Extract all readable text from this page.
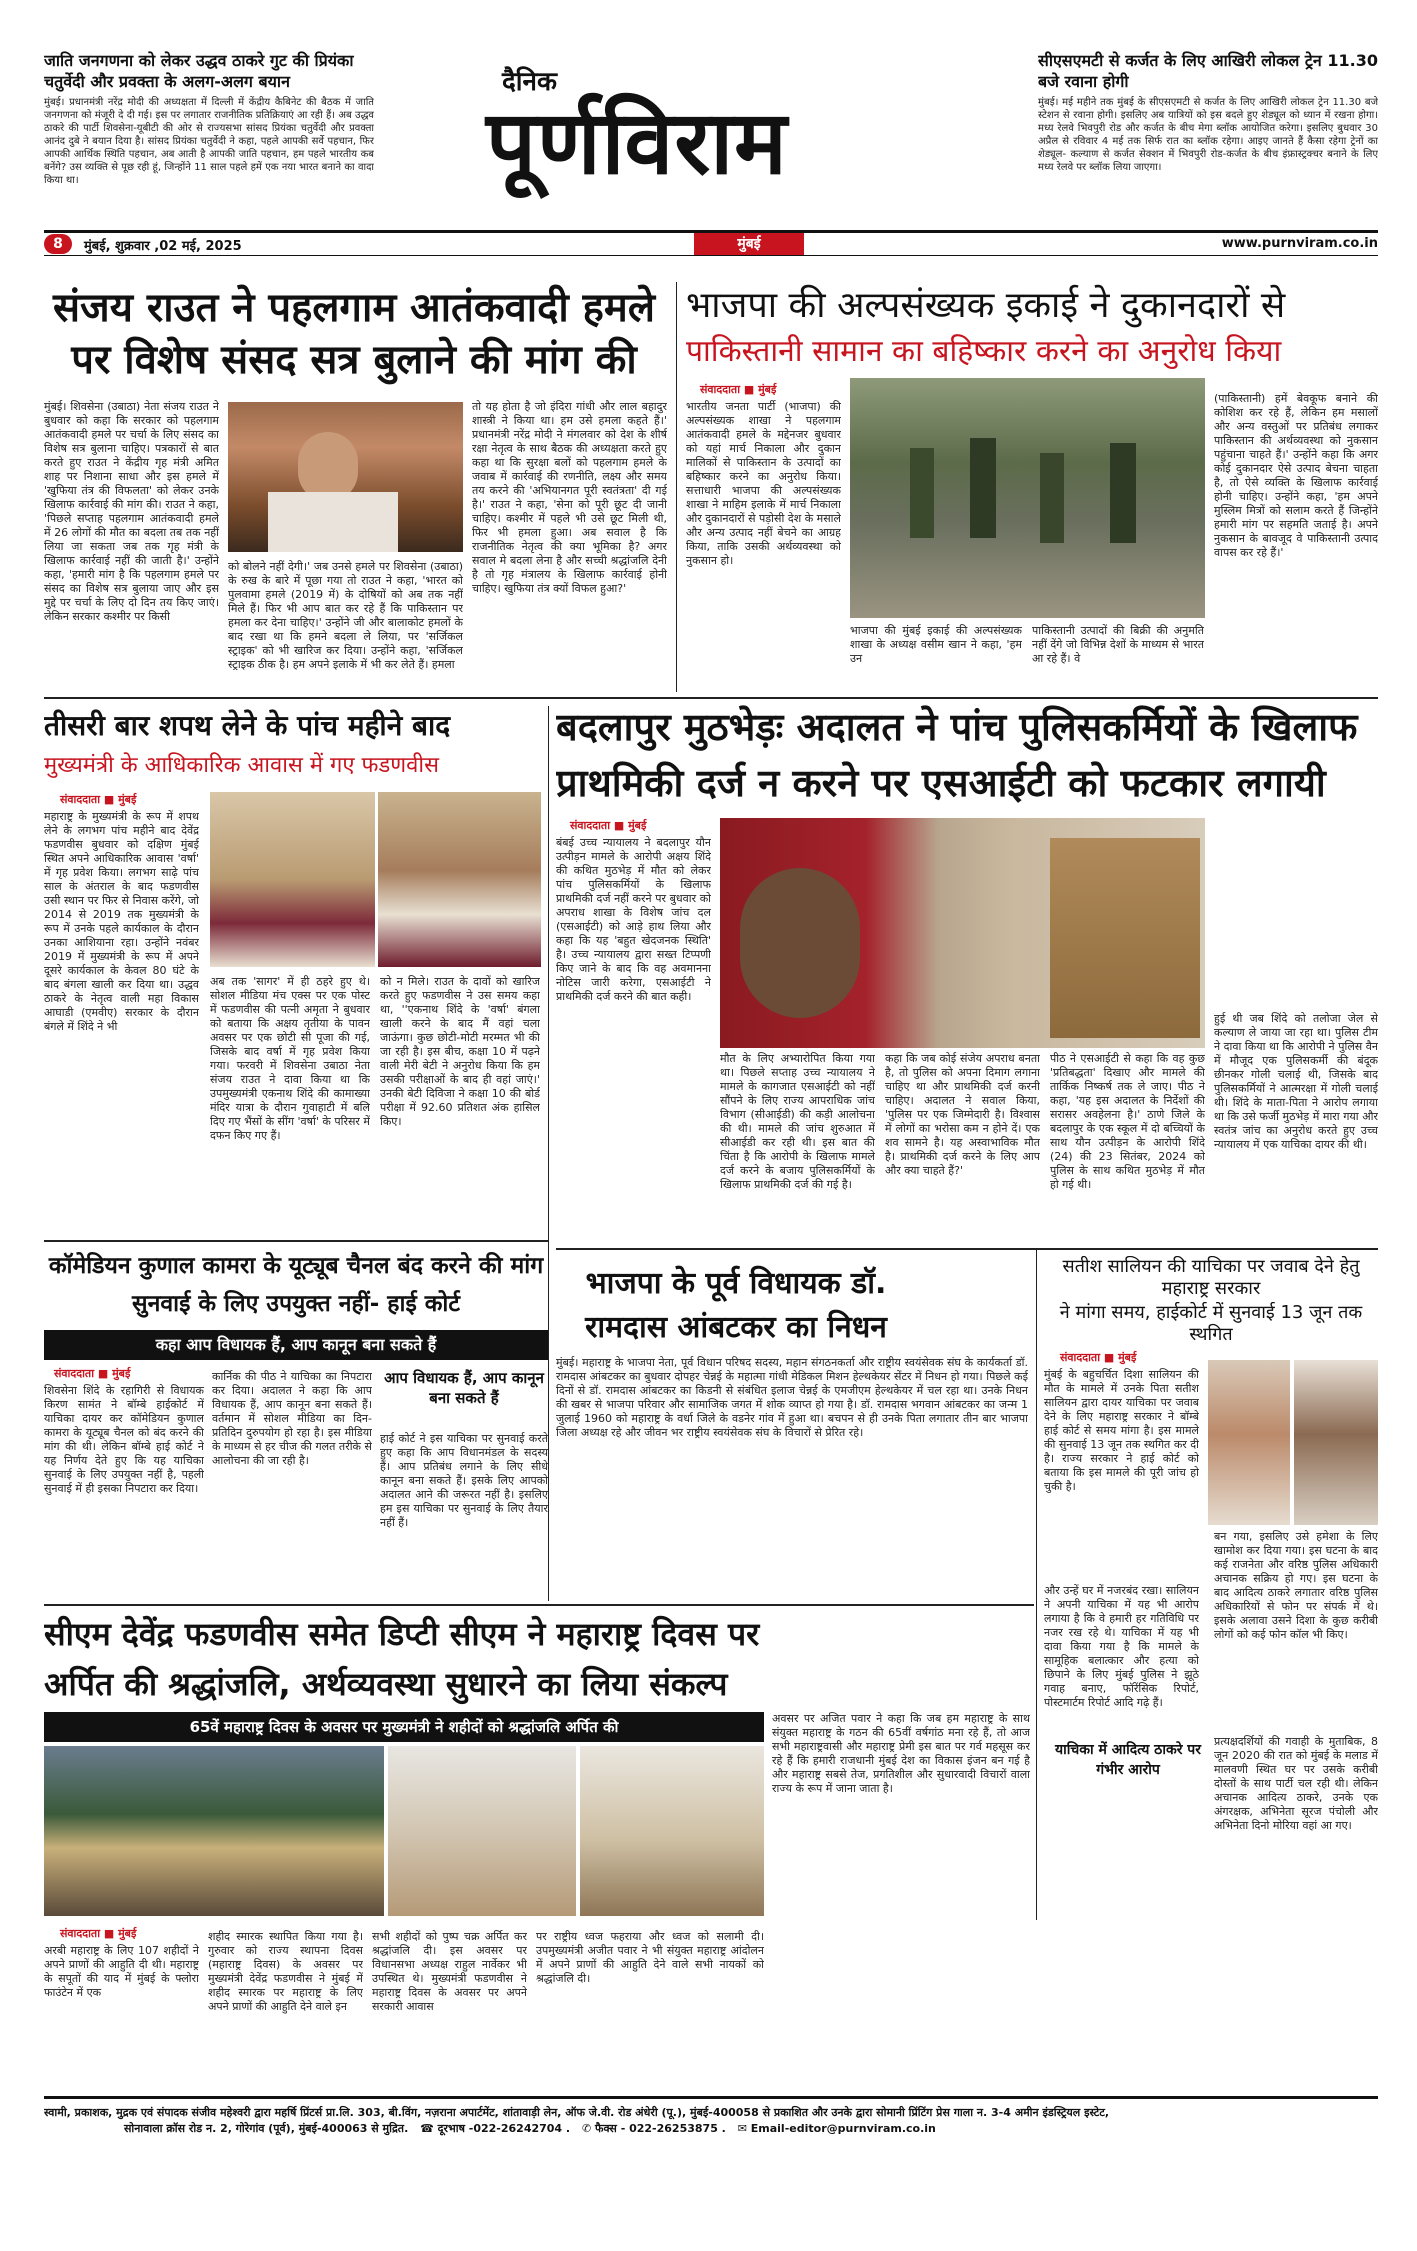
जाति जनगणना को लेकर उद्धव ठाकरे गुट की प्रियंका चतुर्वेदी और प्रवक्ता के अलग-अलग बयान
मुंबई। प्रधानमंत्री नरेंद्र मोदी की अध्यक्षता में दिल्ली में केंद्रीय कैबिनेट की बैठक में जाति जनगणना को मंजूरी दे दी गई। इस पर लगातार राजनीतिक प्रतिक्रियाएं आ रही हैं। अब उद्धव ठाकरे की पार्टी शिवसेना-यूबीटी की ओर से राज्यसभा सांसद प्रियंका चतुर्वेदी और प्रवक्ता आनंद दुबे ने बयान दिया है। सांसद प्रियंका चतुर्वेदी ने कहा, पहले आपकी सर्वे पहचान, फिर आपकी आर्थिक स्थिति पहचान, अब आती है आपकी जाति पहचान, हम पहले भारतीय कब बनेंगे? उस व्यक्ति से पूछ रही हूं, जिन्होंने 11 साल पहले हमें एक नया भारत बनाने का वादा किया था।
दैनिक
पूर्णविराम
सीएसएमटी से कर्जत के लिए आखिरी लोकल ट्रेन 11.30 बजे रवाना होगी
मुंबई। मई महीने तक मुंबई के सीएसएमटी से कर्जत के लिए आखिरी लोकल ट्रेन 11.30 बजे स्टेशन से रवाना होगी। इसलिए अब यात्रियों को इस बदले हुए शेड्यूल को ध्यान में रखना होगा। मध्य रेलवे भिवपुरी रोड और कर्जत के बीच मेगा ब्लॉक आयोजित करेगा। इसलिए बुधवार 30 अप्रैल से रविवार 4 मई तक सिर्फ रात का ब्लॉक रहेगा। आइए जानते हैं कैसा रहेगा ट्रेनों का शेड्यूल- कल्याण से कर्जत सेक्शन में भिवपुरी रोड-कर्जत के बीच इंफ्रास्ट्रक्चर बनाने के लिए मध्य रेलवे पर ब्लॉक लिया जाएगा।
8	मुंबई, शुक्रवार ,02 मई, 2025	मुंबई	www.purnviram.co.in
संजय राउत ने पहलगाम आतंकवादी हमले पर विशेष संसद सत्र बुलाने की मांग की
मुंबई। शिवसेना (उबाठा) नेता संजय राउत ने बुधवार को कहा कि सरकार को पहलगाम आतंकवादी हमले पर चर्चा के लिए संसद का विशेष सत्र बुलाना चाहिए। पत्रकारों से बात करते हुए राउत ने केंद्रीय गृह मंत्री अमित शाह पर निशाना साधा और इस हमले में 'खुफिया तंत्र की विफलता' को लेकर उनके खिलाफ कार्रवाई की मांग की। राउत ने कहा, 'पिछले सप्ताह पहलगाम आतंकवादी हमले में 26 लोगों की मौत का बदला तब तक नहीं लिया जा सकता जब तक गृह मंत्री के खिलाफ कार्रवाई नहीं की जाती है।' उन्होंने कहा, 'हमारी मांग है कि पहलगाम हमले पर संसद का विशेष सत्र बुलाया जाए और इस मुद्दे पर चर्चा के लिए दो दिन तय किए जाएं। लेकिन सरकार कश्मीर पर किसी
को बोलने नहीं देगी।' जब उनसे हमले पर शिवसेना (उबाठा) के रुख के बारे में पूछा गया तो राउत ने कहा, 'भारत को पुलवामा हमले (2019 में) के दोषियों को अब तक नहीं मिले हैं। फिर भी आप बात कर रहे हैं कि पाकिस्तान पर हमला कर देना चाहिए।' उन्होंने जी और बालाकोट हमलों के बाद रखा था कि हमने बदला ले लिया, पर 'सर्जिकल स्ट्राइक' को भी खारिज कर दिया। उन्होंने कहा, 'सर्जिकल स्ट्राइक ठीक है। हम अपने इलाके में भी कर लेते हैं। हमला
तो यह होता है जो इंदिरा गांधी और लाल बहादुर शास्त्री ने किया था। हम उसे हमला कहते हैं।' प्रधानमंत्री नरेंद्र मोदी ने मंगलवार को देश के शीर्ष रक्षा नेतृत्व के साथ बैठक की अध्यक्षता करते हुए कहा था कि सुरक्षा बलों को पहलगाम हमले के जवाब में कार्रवाई की रणनीति, लक्ष्य और समय तय करने की 'अभियानगत पूरी स्वतंत्रता' दी गई है।' राउत ने कहा, 'सेना को पूरी छूट दी जानी चाहिए। कश्मीर में पहले भी उसे छूट मिली थी, फिर भी हमला हुआ। अब सवाल है कि राजनीतिक नेतृत्व की क्या भूमिका है? अगर सवाल मे बदला लेना है और सच्ची श्रद्धांजलि देनी है तो गृह मंत्रालय के खिलाफ कार्रवाई होनी चाहिए। खुफिया तंत्र क्यों विफल हुआ?'
भाजपा की अल्पसंख्यक इकाई ने दुकानदारों से
पाकिस्तानी सामान का बहिष्कार करने का अनुरोध किया
संवाददाता ■ मुंबई
भारतीय जनता पार्टी (भाजपा) की अल्पसंख्यक शाखा ने पहलगाम आतंकवादी हमले के मद्देनजर बुधवार को यहां मार्च निकाला और दुकान मालिकों से पाकिस्तान के उत्पादों का बहिष्कार करने का अनुरोध किया। सत्ताधारी भाजपा की अल्पसंख्यक शाखा ने माहिम इलाके में मार्च निकाला और दुकानदारों से पड़ोसी देश के मसाले और अन्य उत्पाद नहीं बेचने का आग्रह किया, ताकि उसकी अर्थव्यवस्था को नुकसान हो।
भाजपा की मुंबई इकाई की अल्पसंख्यक शाखा के अध्यक्ष वसीम खान ने कहा, 'हम उन
पाकिस्तानी उत्पादों की बिक्री की अनुमति नहीं देंगे जो विभिन्न देशों के माध्यम से भारत आ रहे हैं। वे
(पाकिस्तानी) हमें बेवकूफ बनाने की कोशिश कर रहे हैं, लेकिन हम मसालों और अन्य वस्तुओं पर प्रतिबंध लगाकर पाकिस्तान की अर्थव्यवस्था को नुकसान पहुंचाना चाहते हैं।' उन्होंने कहा कि अगर कोई दुकानदार ऐसे उत्पाद बेचना चाहता है, तो ऐसे व्यक्ति के खिलाफ कार्रवाई होनी चाहिए। उन्होंने कहा, 'हम अपने मुस्लिम मित्रों को सलाम करते हैं जिन्होंने हमारी मांग पर सहमति जताई है। अपने नुकसान के बावजूद वे पाकिस्तानी उत्पाद वापस कर रहे हैं।'
तीसरी बार शपथ लेने के पांच महीने बाद
मुख्यमंत्री के आधिकारिक आवास में गए फडणवीस
संवाददाता ■ मुंबई
महाराष्ट्र के मुख्यमंत्री के रूप में शपथ लेने के लगभग पांच महीने बाद देवेंद्र फडणवीस बुधवार को दक्षिण मुंबई स्थित अपने आधिकारिक आवास 'वर्षा' में गृह प्रवेश किया। लगभग साढ़े पांच साल के अंतराल के बाद फडणवीस उसी स्थान पर फिर से निवास करेंगे, जो 2014 से 2019 तक मुख्यमंत्री के रूप में उनके पहले कार्यकाल के दौरान उनका आशियाना रहा। उन्होंने नवंबर 2019 में मुख्यमंत्री के रूप में अपने दूसरे कार्यकाल के केवल 80 घंटे के बाद बंगला खाली कर दिया था। उद्धव ठाकरे के नेतृत्व वाली महा विकास आघाडी (एमवीए) सरकार के दौरान बंगले में शिंदे ने भी
अब तक 'सागर' में ही ठहरे हुए थे। सोशल मीडिया मंच एक्स पर एक पोस्ट में फडणवीस की पत्नी अमृता ने बुधवार को बताया कि अक्षय तृतीया के पावन अवसर पर एक छोटी सी पूजा की गई, जिसके बाद वर्षा में गृह प्रवेश किया गया। फरवरी में शिवसेना उबाठा नेता संजय राउत ने दावा किया था कि उपमुख्यमंत्री एकनाथ शिंदे की कामाख्या मंदिर यात्रा के दौरान गुवाहाटी में बलि दिए गए भैंसों के सींग 'वर्षा' के परिसर में दफन किए गए हैं।
को न मिले। राउत के दावों को खारिज करते हुए फडणवीस ने उस समय कहा था, ''एकनाथ शिंदे के 'वर्षा' बंगला खाली करने के बाद मैं वहां चला जाऊंगा। कुछ छोटी-मोटी मरम्मत भी की जा रही है। इस बीच, कक्षा 10 में पढ़ने वाली मेरी बेटी ने अनुरोध किया कि हम उसकी परीक्षाओं के बाद ही वहां जाएं।' उनकी बेटी दिविजा ने कक्षा 10 की बोर्ड परीक्षा में 92.60 प्रतिशत अंक हासिल किए।
बदलापुर मुठभेड़ः अदालत ने पांच पुलिसकर्मियों के खिलाफ
प्राथमिकी दर्ज न करने पर एसआईटी को फटकार लगायी
संवाददाता ■ मुंबई
बंबई उच्च न्यायालय ने बदलापुर यौन उत्पीड़न मामले के आरोपी अक्षय शिंदे की कथित मुठभेड़ में मौत को लेकर पांच पुलिसकर्मियों के खिलाफ प्राथमिकी दर्ज नहीं करने पर बुधवार को अपराध शाखा के विशेष जांच दल (एसआईटी) को आड़े हाथ लिया और कहा कि यह 'बहुत खेदजनक स्थिति' है। उच्च न्यायालय द्वारा सख्त टिप्पणी किए जाने के बाद कि वह अवमानना नोटिस जारी करेगा, एसआईटी ने प्राथमिकी दर्ज करने की बात कही।
मौत के लिए अभ्यारोपित किया गया था। पिछले सप्ताह उच्च न्यायालय ने मामले के कागजात एसआईटी को नहीं सौंपने के लिए राज्य आपराधिक जांच विभाग (सीआईडी) की कड़ी आलोचना की थी। मामले की जांच शुरुआत में सीआईडी कर रही थी। इस बात की चिंता है कि आरोपी के खिलाफ मामले दर्ज करने के बजाय पुलिसकर्मियों के खिलाफ प्राथमिकी दर्ज की गई है।
कहा कि जब कोई संजेय अपराध बनता है, तो पुलिस को अपना दिमाग लगाना चाहिए था और प्राथमिकी दर्ज करनी चाहिए। अदालत ने सवाल किया, 'पुलिस पर एक जिम्मेदारी है। विश्वास में लोगों का भरोसा कम न होने दें। एक शव सामने है। यह अस्वाभाविक मौत है। प्राथमिकी दर्ज करने के लिए आप और क्या चाहते हैं?'
पीठ ने एसआईटी से कहा कि वह कुछ 'प्रतिबद्धता' दिखाए और मामले की तार्किक निष्कर्ष तक ले जाए। पीठ ने कहा, 'यह इस अदालत के निर्देशों की सरासर अवहेलना है।' ठाणे जिले के बदलापुर के एक स्कूल में दो बच्चियों के साथ यौन उत्पीड़न के आरोपी शिंदे (24) की 23 सितंबर, 2024 को पुलिस के साथ कथित मुठभेड़ में मौत हो गई थी।
हुई थी जब शिंदे को तलोजा जेल से कल्याण ले जाया जा रहा था। पुलिस टीम ने दावा किया था कि आरोपी ने पुलिस वैन में मौजूद एक पुलिसकर्मी की बंदूक छीनकर गोली चलाई थी, जिसके बाद पुलिसकर्मियों ने आत्मरक्षा में गोली चलाई थी। शिंदे के माता-पिता ने आरोप लगाया था कि उसे फर्जी मुठभेड़ में मारा गया और स्वतंत्र जांच का अनुरोध करते हुए उच्च न्यायालय में एक याचिका दायर की थी।
कॉमेडियन कुणाल कामरा के यूट्यूब चैनल बंद करने की मांग सुनवाई के लिए उपयुक्त नहीं- हाई कोर्ट
कहा आप विधायक हैं, आप कानून बना सकते हैं
संवाददाता ■ मुंबई
शिवसेना शिंदे के रहागिरी से विधायक किरण सामंत ने बॉम्बे हाईकोर्ट में याचिका दायर कर कॉमेडियन कुणाल कामरा के यूट्यूब चैनल को बंद करने की मांग की थी। लेकिन बॉम्बे हाई कोर्ट ने यह निर्णय देते हुए कि यह याचिका सुनवाई के लिए उपयुक्त नहीं है, पहली सुनवाई में ही इसका निपटारा कर दिया।
कार्निक की पीठ ने याचिका का निपटारा कर दिया। अदालत ने कहा कि आप विधायक हैं, आप कानून बना सकते हैं। वर्तमान में सोशल मीडिया का दिन-प्रतिदिन दुरुपयोग हो रहा है। इस मीडिया के माध्यम से हर चीज की गलत तरीके से आलोचना की जा रही है।
आप विधायक हैं, आप कानून बना सकते हैं
हाई कोर्ट ने इस याचिका पर सुनवाई करते हुए कहा कि आप विधानमंडल के सदस्य हैं। आप प्रतिबंध लगाने के लिए सीधे कानून बना सकते हैं। इसके लिए आपको अदालत आने की जरूरत नहीं है। इसलिए हम इस याचिका पर सुनवाई के लिए तैयार नहीं हैं।
भाजपा के पूर्व विधायक डॉ.
रामदास आंबटकर का निधन
मुंबई। महाराष्ट्र के भाजपा नेता, पूर्व विधान परिषद सदस्य, महान संगठनकर्ता और राष्ट्रीय स्वयंसेवक संघ के कार्यकर्ता डॉ. रामदास आंबटकर का बुधवार दोपहर चेन्नई के महात्मा गांधी मेडिकल मिशन हेल्थकेयर सेंटर में निधन हो गया। पिछले कई दिनों से डॉ. रामदास आंबटकर का किडनी से संबंधित इलाज चेन्नई के एमजीएम हेल्थकेयर में चल रहा था। उनके निधन की खबर से भाजपा परिवार और सामाजिक जगत में शोक व्याप्त हो गया है। डॉ. रामदास भगवान आंबटकर का जन्म 1 जुलाई 1960 को महाराष्ट्र के वर्धा जिले के वडनेर गांव में हुआ था। बचपन से ही उनके पिता लगातार तीन बार भाजपा जिला अध्यक्ष रहे और जीवन भर राष्ट्रीय स्वयंसेवक संघ के विचारों से प्रेरित रहे।
सतीश सालियन की याचिका पर जवाब देने हेतु महाराष्ट्र सरकार
ने मांगा समय, हाईकोर्ट में सुनवाई 13 जून तक स्थगित
संवाददाता ■ मुंबई
मुंबई के बहुचर्चित दिशा सालियन की मौत के मामले में उनके पिता सतीश सालियन द्वारा दायर याचिका पर जवाब देने के लिए महाराष्ट्र सरकार ने बॉम्बे हाई कोर्ट से समय मांगा है। इस मामले की सुनवाई 13 जून तक स्थगित कर दी है। राज्य सरकार ने हाई कोर्ट को बताया कि इस मामले की पूरी जांच हो चुकी है।
और उन्हें घर में नजरबंद रखा। सालियन ने अपनी याचिका में यह भी आरोप लगाया है कि वे हमारी हर गतिविधि पर नजर रख रहे थे। याचिका में यह भी दावा किया गया है कि मामले के सामूहिक बलात्कार और हत्या को छिपाने के लिए मुंबई पुलिस ने झूठे गवाह बनाए, फॉरेंसिक रिपोर्ट, पोस्टमार्टम रिपोर्ट आदि गढ़े हैं।
बन गया, इसलिए उसे हमेशा के लिए खामोश कर दिया गया। इस घटना के बाद कई राजनेता और वरिष्ठ पुलिस अधिकारी अचानक सक्रिय हो गए। इस घटना के बाद आदित्य ठाकरे लगातार वरिष्ठ पुलिस अधिकारियों से फोन पर संपर्क में थे। इसके अलावा उसने दिशा के कुछ करीबी लोगों को कई फोन कॉल भी किए।
याचिका में आदित्य ठाकरे पर गंभीर आरोप
प्रत्यक्षदर्शियों की गवाही के मुताबिक, 8 जून 2020 की रात को मुंबई के मलाड में मालवणी स्थित घर पर उसके करीबी दोस्तों के साथ पार्टी चल रही थी। लेकिन अचानक आदित्य ठाकरे, उनके एक अंगरक्षक, अभिनेता सूरज पंचोली और अभिनेता दिनो मोरिया वहां आ गए।
सीएम देवेंद्र फडणवीस समेत डिप्टी सीएम ने महाराष्ट्र दिवस पर
अर्पित की श्रद्धांजलि, अर्थव्यवस्था सुधारने का लिया संकल्प
65वें महाराष्ट्र दिवस के अवसर पर मुख्यमंत्री ने शहीदों को श्रद्धांजलि अर्पित की	अवसर पर अजित पवार ने कहा कि जब हम महाराष्ट्र के साथ संयुक्त महाराष्ट्र के गठन की 65वीं वर्षगांठ मना रहे हैं, तो आज सभी महाराष्ट्रवासी और महाराष्ट्र प्रेमी इस बात पर गर्व महसूस कर रहे हैं कि हमारी राजधानी मुंबई देश का विकास इंजन बन गई है और महाराष्ट्र सबसे तेज, प्रगतिशील और सुधारवादी विचारों वाला राज्य के रूप में जाना जाता है।
संवाददाता ■ मुंबई
अरबी महाराष्ट्र के लिए 107 शहीदों ने अपने प्राणों की आहुति दी थी। महाराष्ट्र के सपूतों की याद में मुंबई के फ्लोरा फाउंटेन में एक
शहीद स्मारक स्थापित किया गया है। गुरुवार को राज्य स्थापना दिवस (महाराष्ट्र दिवस) के अवसर पर मुख्यमंत्री देवेंद्र फडणवीस ने मुंबई में शहीद स्मारक पर महाराष्ट्र के लिए अपने प्राणों की आहुति देने वाले इन
सभी शहीदों को पुष्प चक्र अर्पित कर श्रद्धांजलि दी। इस अवसर पर विधानसभा अध्यक्ष राहुल नार्वेकर भी उपस्थित थे। मुख्यमंत्री फडणवीस ने महाराष्ट्र दिवस के अवसर पर अपने सरकारी आवास
पर राष्ट्रीय ध्वज फहराया और ध्वज को सलामी दी। उपमुख्यमंत्री अजीत पवार ने भी संयुक्त महाराष्ट्र आंदोलन में अपने प्राणों की आहुति देने वाले सभी नायकों को श्रद्धांजलि दी।
स्वामी, प्रकाशक, मुद्रक एवं संपादक संजीव महेश्वरी द्वारा महर्षि प्रिंटर्स प्रा.लि. 303, बी.विंग, नज़राना अपार्टमेंट, शांतावाड़ी लेन, ऑफ जे.वी. रोड अंधेरी (पू.), मुंबई-400058 से प्रकाशित और उनके द्वारा सोमानी प्रिंटिंग प्रेस गाला न. 3-4 अमीन इंडस्ट्रियल इस्टेट,
सोनावाला क्रॉस रोड न. 2, गोरेगांव (पूर्व), मुंबई-400063 से मुद्रित. ☎ दूरभाष -022-26242704 . ✆ फैक्स - 022-26253875 . ✉ Email-editor@purnviram.co.in
